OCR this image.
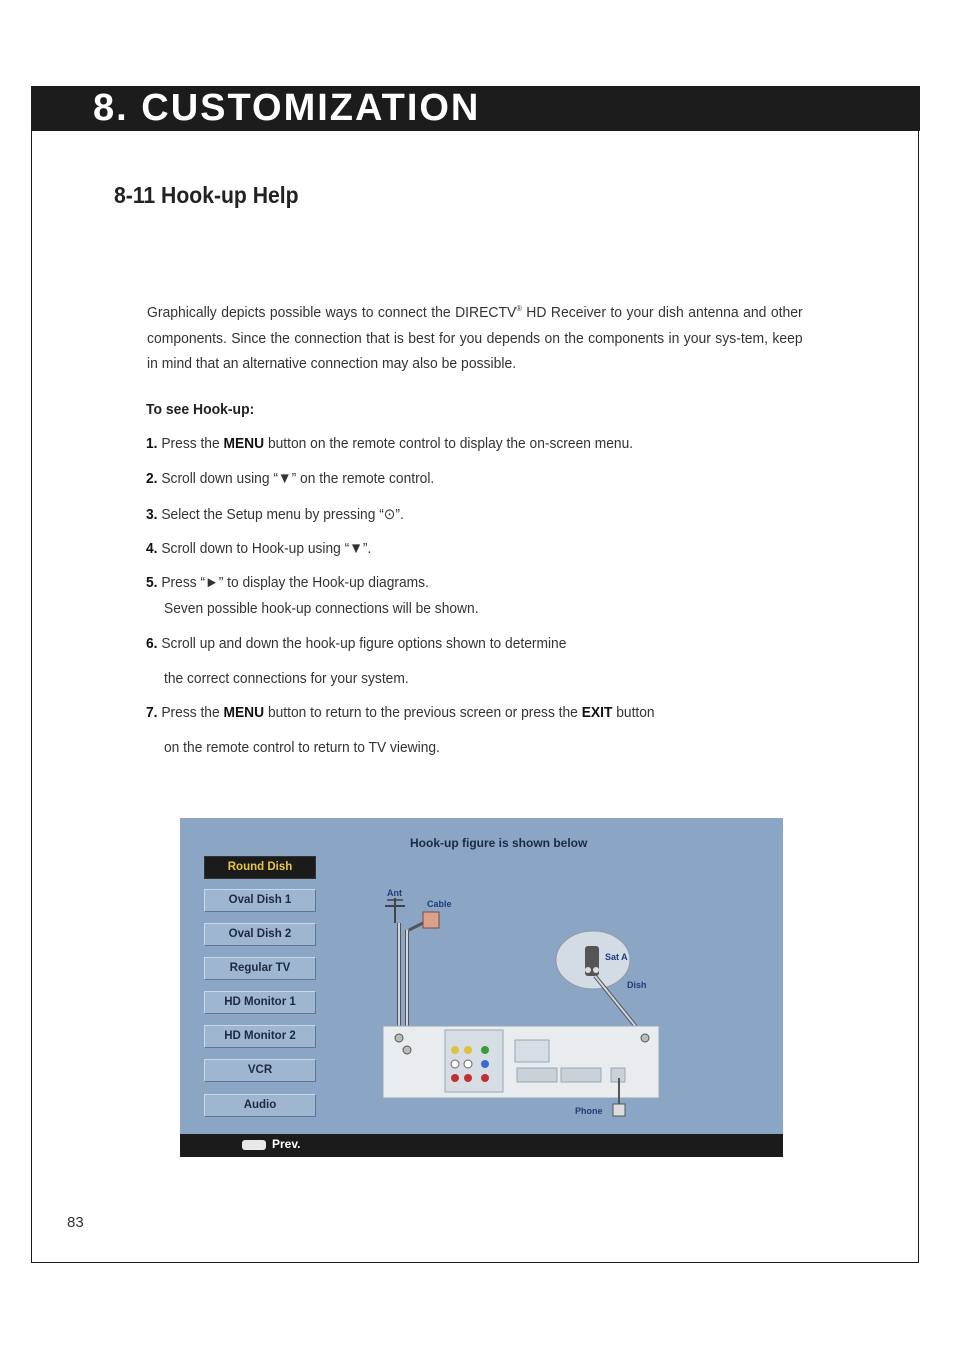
8. CUSTOMIZATION
8-11 Hook-up Help

Graphically depicts possible ways to connect the DIRECTV® HD Receiver to your dish antenna and other components. Since the connection that is best for you depends on the components in your sys-tem, keep in mind that an alternative connection may also be possible.

To see Hook-up:

1. Press the MENU button on the remote control to display the on-screen menu.

2. Scroll down using “▼” on the remote control.

3. Select the Setup menu by pressing “⊙”.

4. Scroll down to Hook-up using “▼”.

5. Press “►” to display the Hook-up diagrams.

Seven possible hook-up connections will be shown.

6. Scroll up and down the hook-up figure options shown to determine

the correct connections for your system.

7. Press the MENU button to return to the previous screen or press the EXIT button

on the remote control to return to TV viewing.

Hook-up figure is shown below
Round Dish
Oval Dish 1
Oval Dish 2
Regular TV
HD Monitor 1
HD Monitor 2
VCR
Audio
Ant
Cable
Sat A
Dish
Phone
Prev.
83
